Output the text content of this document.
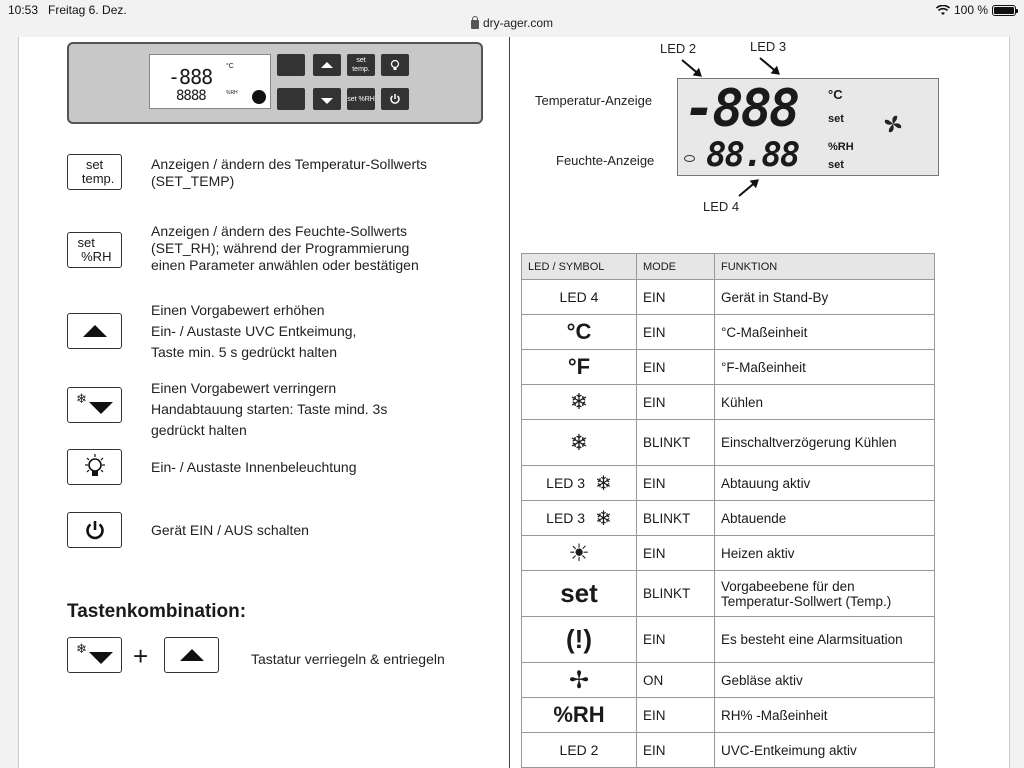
10:53 Freitag 6. Dez.	100 %
dry-ager.com
-888 °C
8888	%RH
set temp.
set %RH
set
temp.
Anzeigen / ändern des Temperatur-Sollwerts
(SET_TEMP)
set
%RH
Anzeigen / ändern des Feuchte-Sollwerts
(SET_RH); während der Programmierung
einen Parameter anwählen oder bestätigen
Einen Vorgabewert erhöhen
Ein- / Austaste UVC Entkeimung,
Taste min. 5 s gedrückt halten
❄
Einen Vorgabewert verringern
Handabtauung starten: Taste mind. 3s
gedrückt halten
Ein- / Austaste Innenbeleuchtung
Gerät EIN / AUS schalten
Tastenkombination:
❄ +	Tastatur verriegeln & entriegeln
LED 2	LED 3
Temperatur-Anzeige
Feuchte-Anzeige
LED 4
-888
88.88
°C
set
%RH
set
LED / SYMBOL	MODE	FUNKTION
LED 4	EIN	Gerät in Stand-By
°C	EIN	°C-Maßeinheit
°F	EIN	°F-Maßeinheit
❄	EIN	Kühlen
❄	BLINKT	Einschaltverzögerung Kühlen

LED 3 ❄	EIN	Abtauung aktiv

LED 3 ❄	BLINKT	Abtauende
☀	EIN	Heizen aktiv
set	BLINKT	Vorgabeebene für den Temperatur-Sollwert (Temp.)
(!)	EIN	Es besteht eine Alarmsituation
✢	ON	Gebläse aktiv
%RH	EIN	RH% -Maßeinheit
LED 2	EIN	UVC-Entkeimung aktiv
